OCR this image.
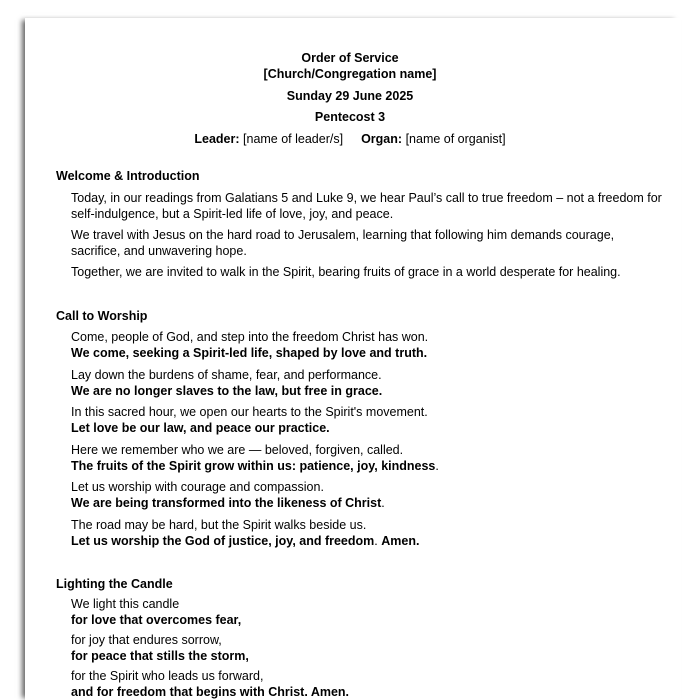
Order of Service
[Church/Congregation name]
Sunday 29 June 2025
Pentecost 3
Leader: [name of leader/s] Organ: [name of organist]
Welcome & Introduction
Today, in our readings from Galatians 5 and Luke 9, we hear Paul’s call to true freedom – not a freedom for
self-indulgence, but a Spirit-led life of love, joy, and peace.
We travel with Jesus on the hard road to Jerusalem, learning that following him demands courage,
sacrifice, and unwavering hope.
Together, we are invited to walk in the Spirit, bearing fruits of grace in a world desperate for healing.
Call to Worship
Come, people of God, and step into the freedom Christ has won.
We come, seeking a Spirit-led life, shaped by love and truth.
Lay down the burdens of shame, fear, and performance.
We are no longer slaves to the law, but free in grace.
In this sacred hour, we open our hearts to the Spirit's movement.
Let love be our law, and peace our practice.
Here we remember who we are — beloved, forgiven, called.
The fruits of the Spirit grow within us: patience, joy, kindness.
Let us worship with courage and compassion.
We are being transformed into the likeness of Christ.
The road may be hard, but the Spirit walks beside us.
Let us worship the God of justice, joy, and freedom. Amen.
Lighting the Candle
We light this candle
for love that overcomes fear,
for joy that endures sorrow,
for peace that stills the storm,
for the Spirit who leads us forward,
and for freedom that begins with Christ. Amen.
